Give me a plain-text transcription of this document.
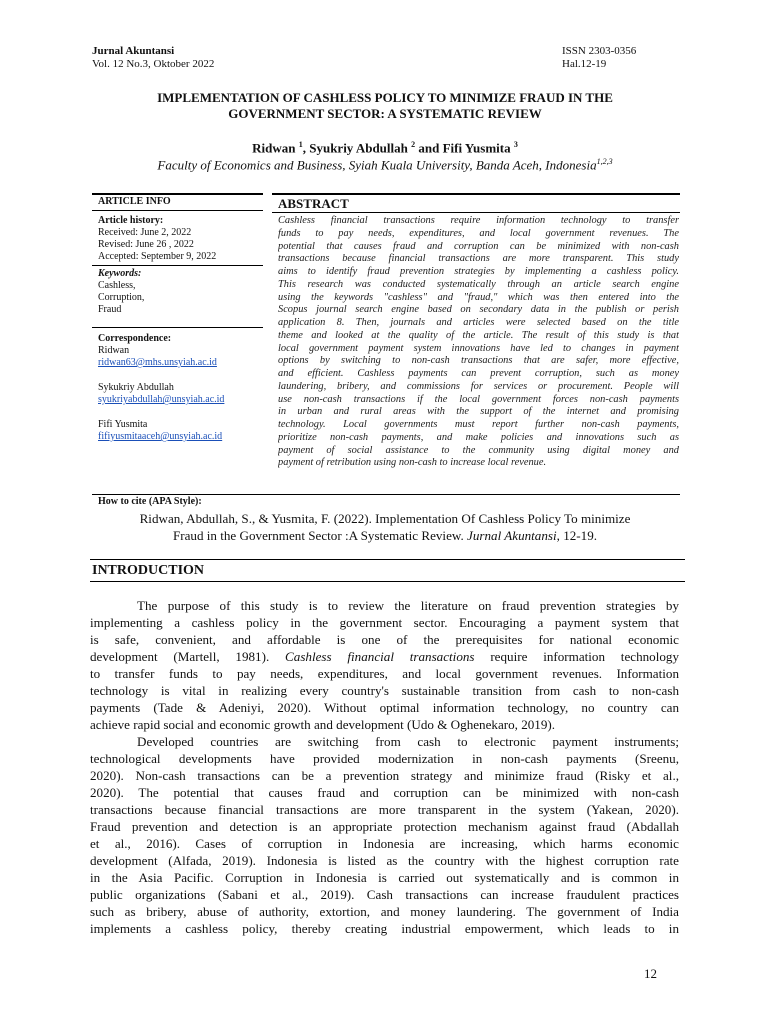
Jurnal Akuntansi
Vol. 12 No.3, Oktober 2022
ISSN 2303-0356
Hal.12-19
IMPLEMENTATION OF CASHLESS POLICY TO MINIMIZE FRAUD IN THE
GOVERNMENT SECTOR: A SYSTEMATIC REVIEW
Ridwan $^1$, Syukriy Abdullah $^2$ and Fifi Yusmita $^3$
Faculty of Economics and Business, Syiah Kuala University, Banda Aceh, Indonesia$^{1,2,3}$
ARTICLE INFO
Article history:
Received: June 2, 2022
Revised: June 26 , 2022
Accepted: September 9, 2022
Keywords:
Cashless,
Corruption,
Fraud
Correspondence:
Ridwan
ridwan63@mhs.unsyiah.ac.id
Sykukriy Abdullah
syukriyabdullah@unsyiah.ac.id
Fifi Yusmita
fifiyusmitaaceh@unsyiah.ac.id
ABSTRACT
Cashless financial transactions require information technology to transfer
funds to pay needs, expenditures, and local government revenues. The
potential that causes fraud and corruption can be minimized with non-cash
transactions because financial transactions are more transparent. This study
aims to identify fraud prevention strategies by implementing a cashless policy.
This research was conducted systematically through an article search engine
using the keywords "cashless" and "fraud," which was then entered into the
Scopus journal search engine based on secondary data in the publish or perish
application 8. Then, journals and articles were selected based on the title
theme and looked at the quality of the article. The result of this study is that
local government payment system innovations have led to changes in payment
options by switching to non-cash transactions that are safer, more effective,
and efficient. Cashless payments can prevent corruption, such as money
laundering, bribery, and commissions for services or procurement. People will
use non-cash transactions if the local government forces non-cash payments
in urban and rural areas with the support of the internet and promising
technology. Local governments must report further non-cash payments,
prioritize non-cash payments, and make policies and innovations such as
payment of social assistance to the community using digital money and
payment of retribution using non-cash to increase local revenue.
How to cite (APA Style):
Ridwan, Abdullah, S., & Yusmita, F. (2022). Implementation Of Cashless Policy To minimize
Fraud in the Government Sector :A Systematic Review. Jurnal Akuntansi, 12-19.
INTRODUCTION
The purpose of this study is to review the literature on fraud prevention strategies by
implementing a cashless policy in the government sector. Encouraging a payment system that
is safe, convenient, and affordable is one of the prerequisites for national economic
development (Martell, 1981). Cashless financial transactions require information technology
to transfer funds to pay needs, expenditures, and local government revenues. Information
technology is vital in realizing every country's sustainable transition from cash to non-cash
payments (Tade & Adeniyi, 2020). Without optimal information technology, no country can
achieve rapid social and economic growth and development (Udo & Oghenekaro, 2019).
Developed countries are switching from cash to electronic payment instruments;
technological developments have provided modernization in non-cash payments (Sreenu,
2020). Non-cash transactions can be a prevention strategy and minimize fraud (Risky et al.,
2020). The potential that causes fraud and corruption can be minimized with non-cash
transactions because financial transactions are more transparent in the system (Yakean, 2020).
Fraud prevention and detection is an appropriate protection mechanism against fraud (Abdallah
et al., 2016). Cases of corruption in Indonesia are increasing, which harms economic
development (Alfada, 2019). Indonesia is listed as the country with the highest corruption rate
in the Asia Pacific. Corruption in Indonesia is carried out systematically and is common in
public organizations (Sabani et al., 2019). Cash transactions can increase fraudulent practices
such as bribery, abuse of authority, extortion, and money laundering. The government of India
implements a cashless policy, thereby creating industrial empowerment, which leads to in
12
